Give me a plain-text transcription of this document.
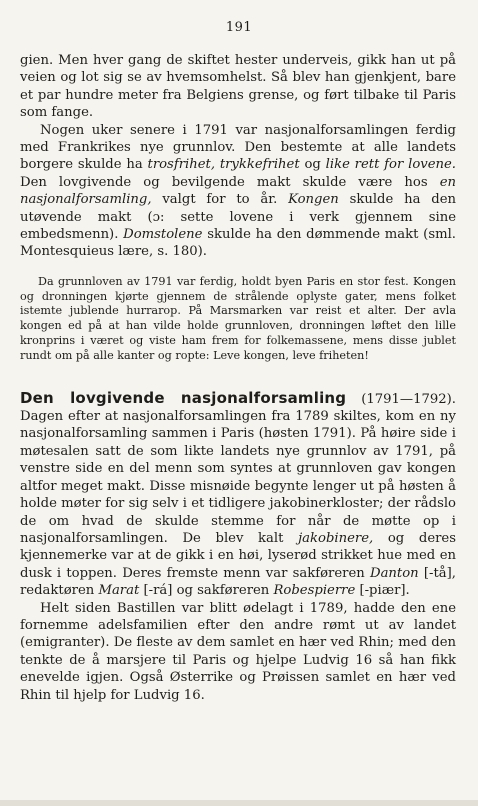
191

gien. Men hver gang de skiftet hester underveis, gikk han ut på veien og lot sig se av hvemsomhelst. Så blev han gjenkjent, bare et par hundre meter fra Belgiens grense, og ført tilbake til Paris som fange.

Nogen uker senere i 1791 var nasjonalforsamlingen ferdig med Frankrikes nye grunnlov. Den bestemte at alle landets borgere skulde ha trosfrihet, trykkefrihet og like rett for lovene. Den lovgivende og bevilgende makt skulde være hos en nasjonalforsamling, valgt for to år. Kongen skulde ha den utøvende makt (ɔ: sette lovene i verk gjennem sine embedsmenn). Domstolene skulde ha den dømmende makt (sml. Montesquieus lære, s. 180).

Da grunnloven av 1791 var ferdig, holdt byen Paris en stor fest. Kongen og dronningen kjørte gjennem de strålende oplyste gater, mens folket istemte jublende hurrarop. På Marsmarken var reist et alter. Der avla kongen ed på at han vilde holde grunnloven, dronningen løftet den lille kronprins i været og viste ham frem for folkemassene, mens disse jublet rundt om på alle kanter og ropte: Leve kongen, leve friheten!

Den lovgivende nasjonalforsamling (1791—1792). Dagen efter at nasjonalforsamlingen fra 1789 skiltes, kom en ny nasjonalforsamling sammen i Paris (høsten 1791). På høire side i møtesalen satt de som likte landets nye grunnlov av 1791, på venstre side en del menn som syntes at grunnloven gav kongen altfor meget makt. Disse misnøide begynte lenger ut på høsten å holde møter for sig selv i et tidligere jakobinerkloster; der rådslo de om hvad de skulde stemme for når de møtte op i nasjonalforsamlingen. De blev kalt jakobinere, og deres kjennemerke var at de gikk i en høi, lyserød strikket hue med en dusk i toppen. Deres fremste menn var sakføreren Danton [-tå], redaktøren Marat [-rá] og sakføreren Robespierre [-piær].

Helt siden Bastillen var blitt ødelagt i 1789, hadde den ene fornemme adelsfamilien efter den andre rømt ut av landet (emigranter). De fleste av dem samlet en hær ved Rhin; med den tenkte de å marsjere til Paris og hjelpe Ludvig 16 så han fikk enevelde igjen. Også Østerrike og Prøissen samlet en hær ved Rhin til hjelp for Ludvig 16.
